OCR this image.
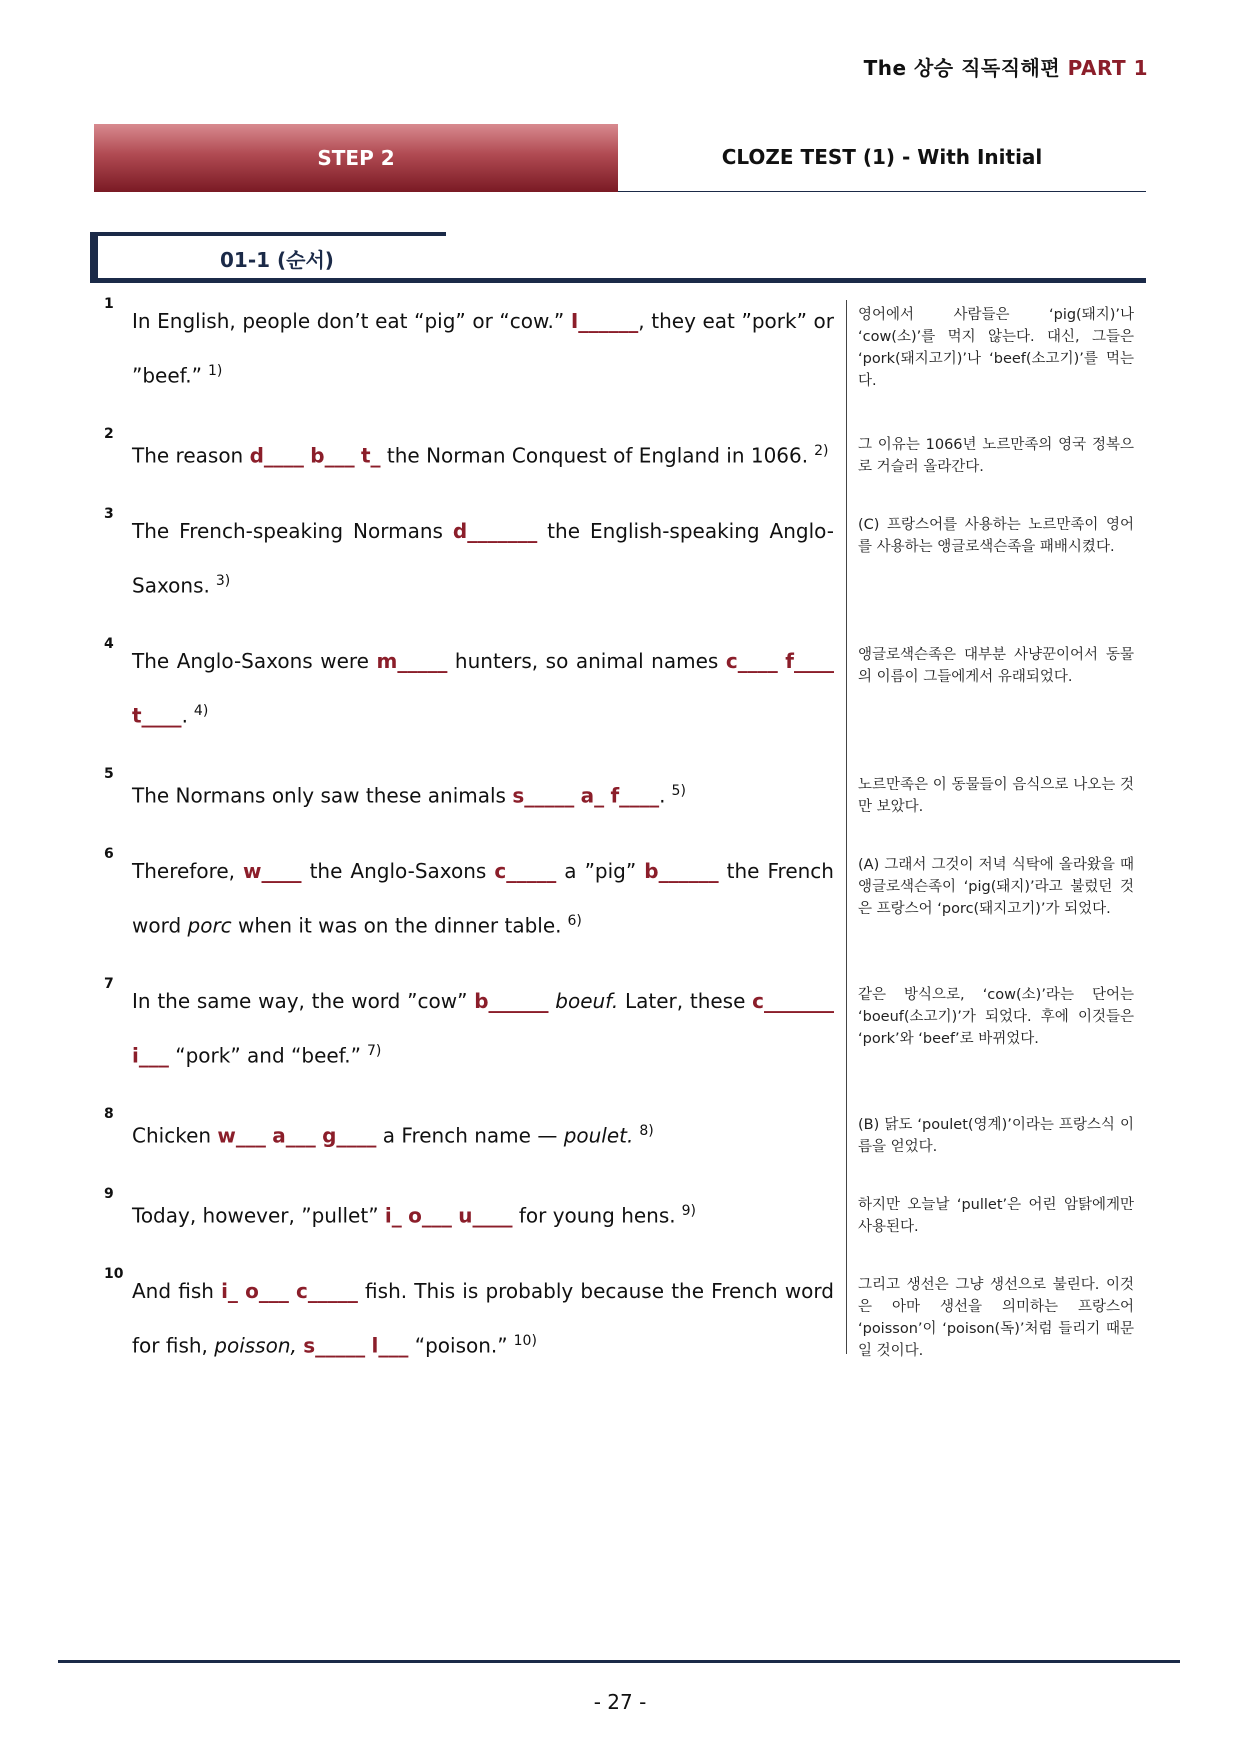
The 상승 직독직해편 PART 1
STEP 2	CLOZE TEST (1) - With Initial
01-1 (순서)
1
In English, people don’t eat “pig” or “cow.” I______, they eat ”pork” or ”beef.” $^{1)}$
영어에서 사람들은 ‘pig(돼지)’나 ‘cow(소)’를 먹지 않는다. 대신, 그들은 ‘pork(돼지고기)’나 ‘beef(소고기)’를 먹는다.
2
The reason d____ b___ t_ the Norman Conquest of England in 1066. $^{2)}$	그 이유는 1066년 노르만족의 영국 정복으로 거슬러 올라간다.
3
The French-speaking Normans d_______ the English-speaking Anglo-Saxons. $^{3)}$
(C) 프랑스어를 사용하는 노르만족이 영어를 사용하는 앵글로색슨족을 패배시켰다.
4
The Anglo-Saxons were m_____ hunters, so animal names c____ f____ t____. $^{4)}$
앵글로색슨족은 대부분 사냥꾼이어서 동물의 이름이 그들에게서 유래되었다.
5
The Normans only saw these animals s_____ a_ f____. $^{5)}$	노르만족은 이 동물들이 음식으로 나오는 것만 보았다.
6
Therefore, w____ the Anglo-Saxons c_____ a ”pig” b______ the French word porc when it was on the dinner table. $^{6)}$
(A) 그래서 그것이 저녁 식탁에 올라왔을 때 앵글로색슨족이 ‘pig(돼지)’라고 불렀던 것은 프랑스어 ‘porc(돼지고기)’가 되었다.
7
In the same way, the word ”cow” b______ boeuf. Later, these c_______ i___ “pork” and “beef.” $^{7)}$
같은 방식으로, ‘cow(소)’라는 단어는 ‘boeuf(소고기)’가 되었다. 후에 이것들은 ‘pork’와 ‘beef’로 바뀌었다.
8
Chicken w___ a___ g____ a French name — poulet. $^{8)}$	(B) 닭도 ‘poulet(영계)’이라는 프랑스식 이름을 얻었다.
9
Today, however, ”pullet” i_ o___ u____ for young hens. $^{9)}$	하지만 오늘날 ‘pullet’은 어린 암탉에게만 사용된다.
10
And fish i_ o___ c_____ fish. This is probably because the French word for fish, poisson, s_____ l___ “poison.” $^{10)}$
그리고 생선은 그냥 생선으로 불린다. 이것은 아마 생선을 의미하는 프랑스어 ‘poisson’이 ‘poison(독)’처럼 들리기 때문일 것이다.
- 27 -
